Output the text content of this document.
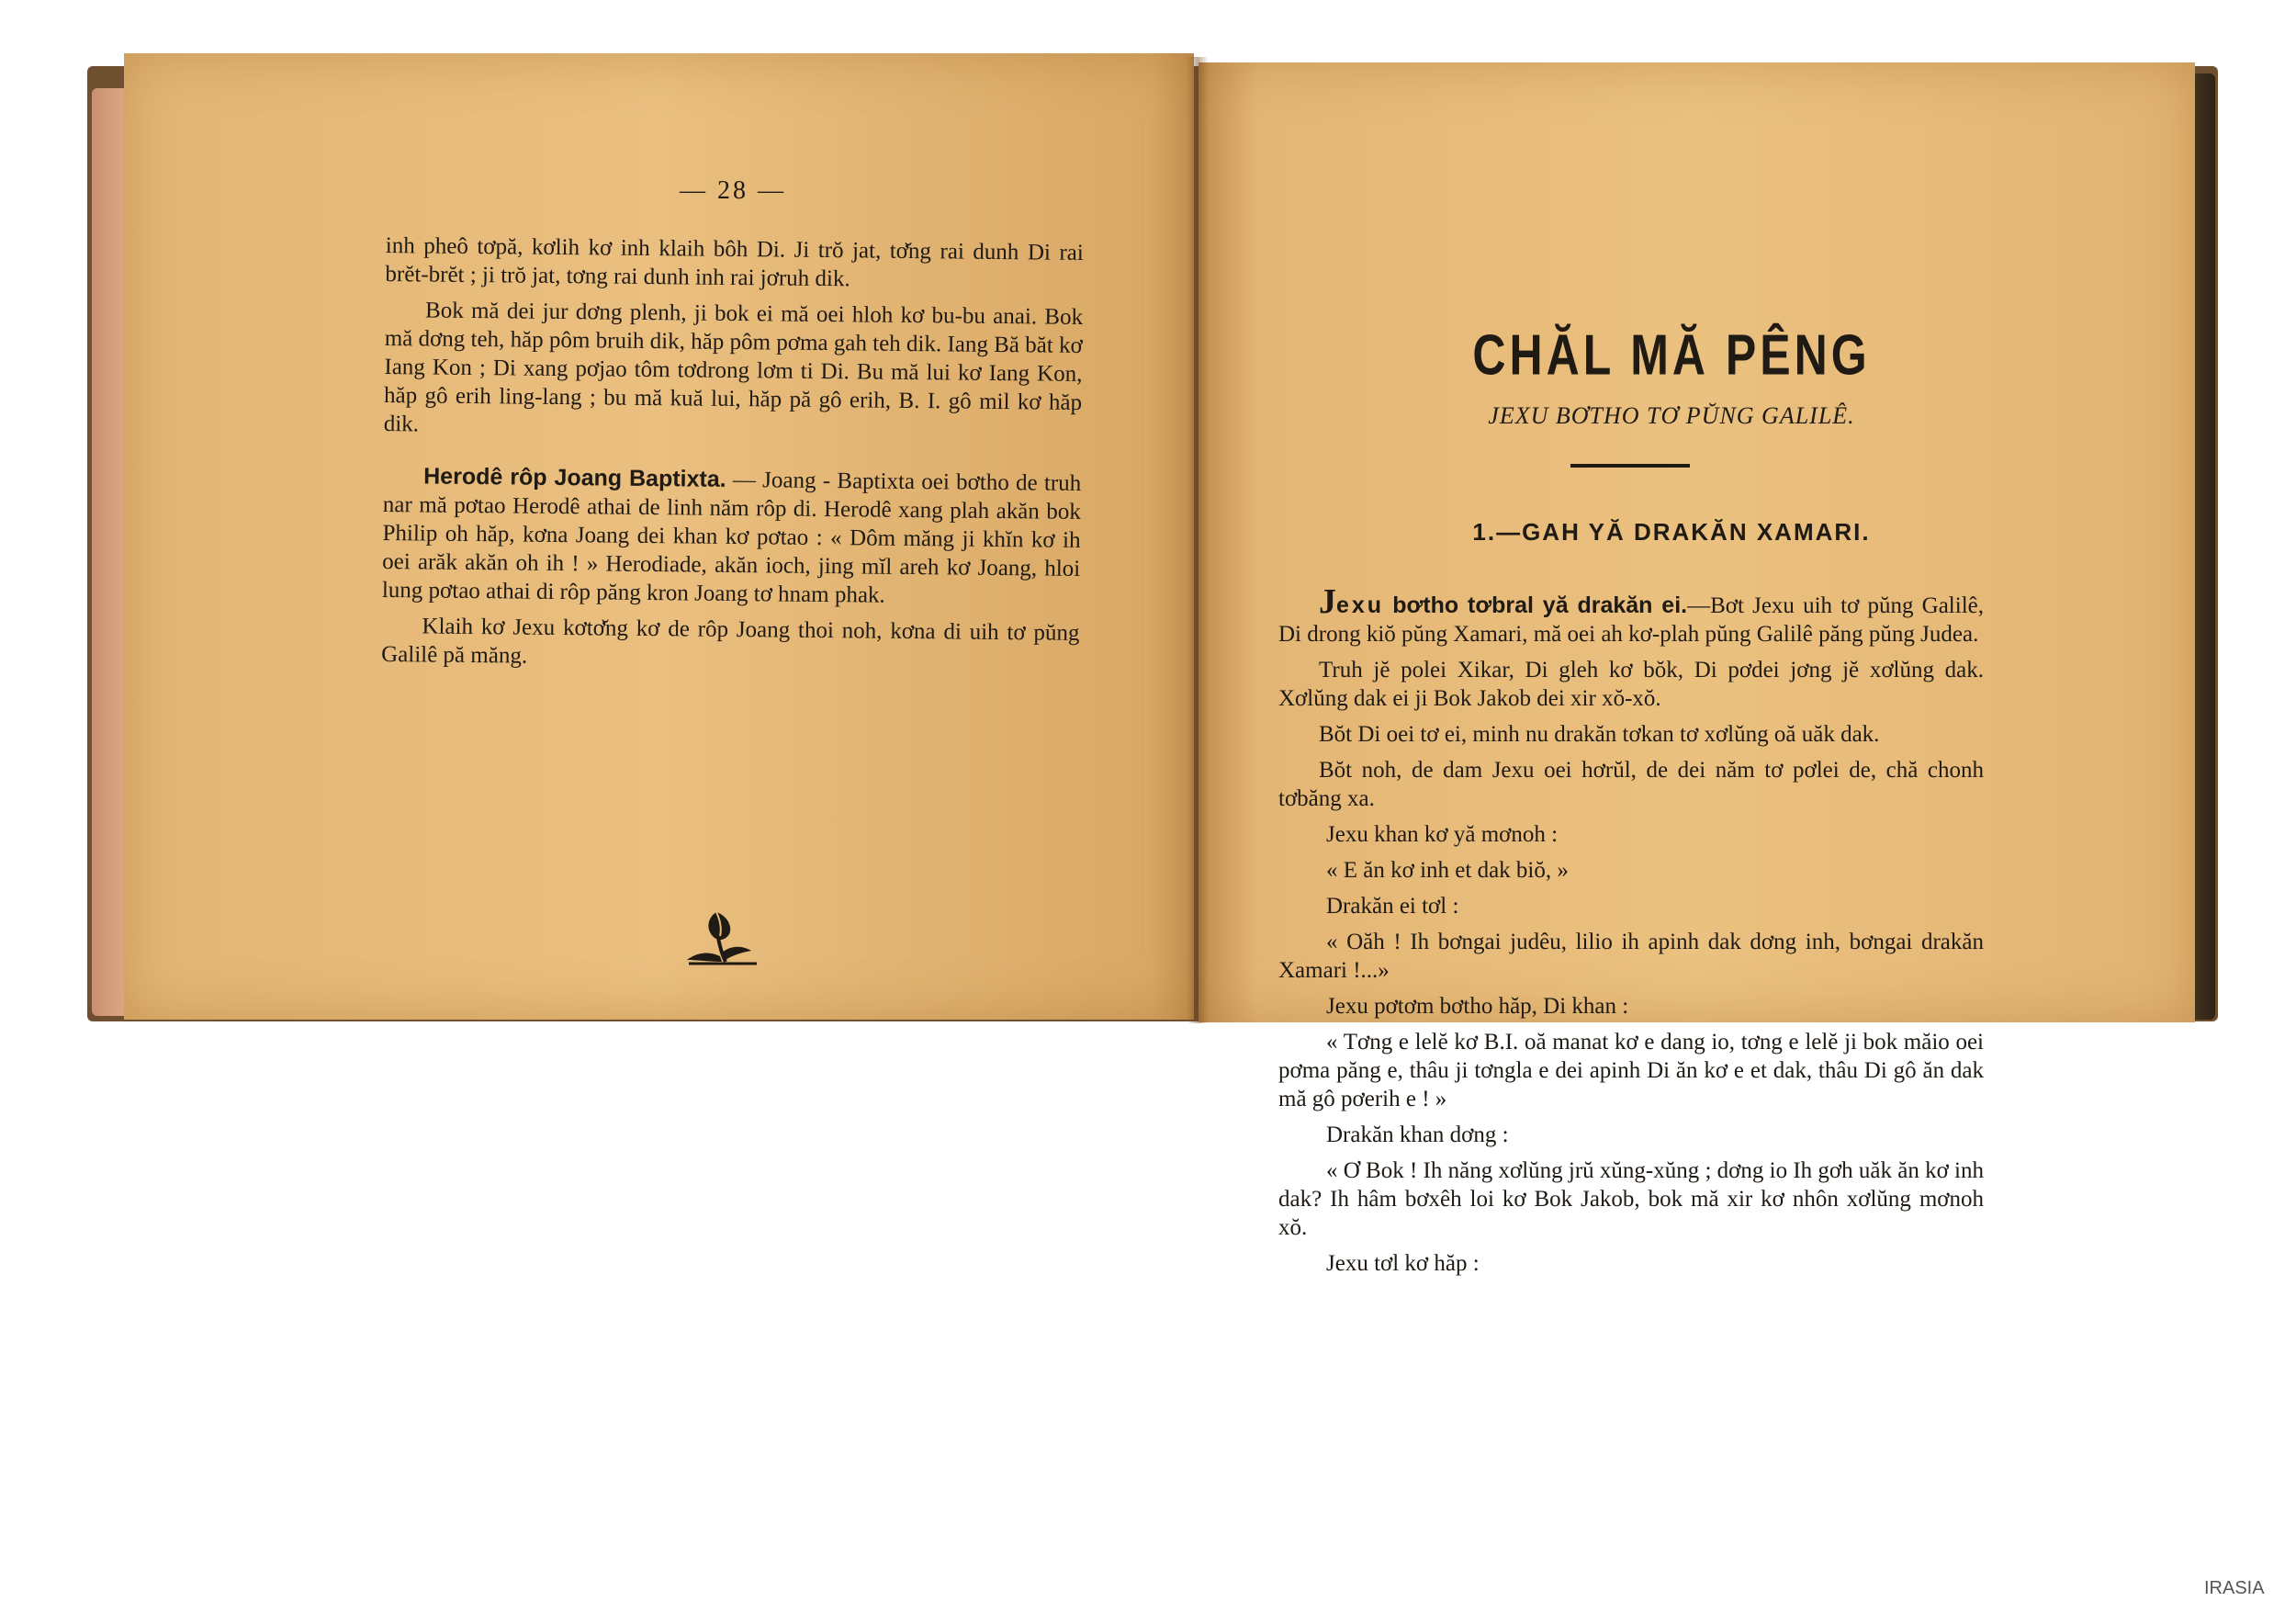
— 28 —

inh pheô tơpă, kơlih kơ inh klaih bôh Di. Ji trŏ jat, tơ̆ng rai dunh Di rai brĕt-brĕt ; ji trŏ jat, tơng rai dunh inh rai jơruh dik.

Bok mă dei jur dơng plenh, ji bok ei mă oei hloh kơ bu-bu anai. Bok mă dơng teh, hăp pôm bruih dik, hăp pôm pơma gah teh dik. Iang Bă băt kơ Iang Kon ; Di xang pơjao tôm tơdrong lơm ti Di. Bu mă lui kơ Iang Kon, hăp gô erih ling-lang ; bu mă kuă lui, hăp pă gô erih, B. I. gô mil kơ hăp dik.

Herodê rôp Joang Baptixta. — Joang - Baptixta oei bơtho de truh nar mă pơtao Herodê athai de linh năm rôp di. Herodê xang plah akăn bok Philip oh hăp, kơna Joang dei khan kơ pơtao : « Dôm măng ji khĭn kơ ih oei arăk akăn oh ih ! » Herodiade, akăn ioch, jing mĭl areh kơ Joang, hloi lung pơtao athai di rôp păng kron Joang tơ hnam phak.

Klaih kơ Jexu kơtơ̆ng kơ de rôp Joang thoi noh, kơna di uih tơ pŭng Galilê pă măng.

CHĂL MĂ PÊNG
JEXU BƠTHO TƠ PŬNG GALILÊ.
1.—GAH YĂ DRAKĂN XAMARI.

Jexu bơtho tơbral yă drakăn ei.—Bơt Jexu uih tơ pŭng Galilê, Di drong kiŏ pŭng Xamari, mă oei ah kơ-plah pŭng Galilê păng pŭng Judea.

Truh jĕ polei Xikar, Di gleh kơ bŏk, Di pơdei jơng jĕ xơlŭng dak. Xơlŭng dak ei ji Bok Jakob dei xir xŏ-xŏ.

Bŏt Di oei tơ ei, minh nu drakăn tơkan tơ xơlŭng oă uăk dak.

Bŏt noh, de dam Jexu oei hơrŭl, de dei năm tơ pơlei de, chă chonh tơbăng xa.

Jexu khan kơ yă mơnoh :

« E ăn kơ inh et dak biŏ, »

Drakăn ei tơl :

« Oăh ! Ih bơngai judêu, lilio ih apinh dak dơng inh, bơngai drakăn Xamari !...»

Jexu pơtơm bơtho hăp, Di khan :

« Tơng e lelĕ kơ B.I. oă manat kơ e dang io, tơng e lelĕ ji bok măio oei pơma păng e, thâu ji tơngla e dei apinh Di ăn kơ e et dak, thâu Di gô ăn dak mă gô pơerih e ! »

Drakăn khan dơng :

« Ơ Bok ! Ih năng xơlŭng jrŭ xŭng-xŭng ; dơng io Ih gơh uăk ăn kơ inh dak? Ih hâm bơxêh loi kơ Bok Jakob, bok mă xir kơ nhôn xơlŭng mơnoh xŏ.

Jexu tơl kơ hăp :

IRASIA
